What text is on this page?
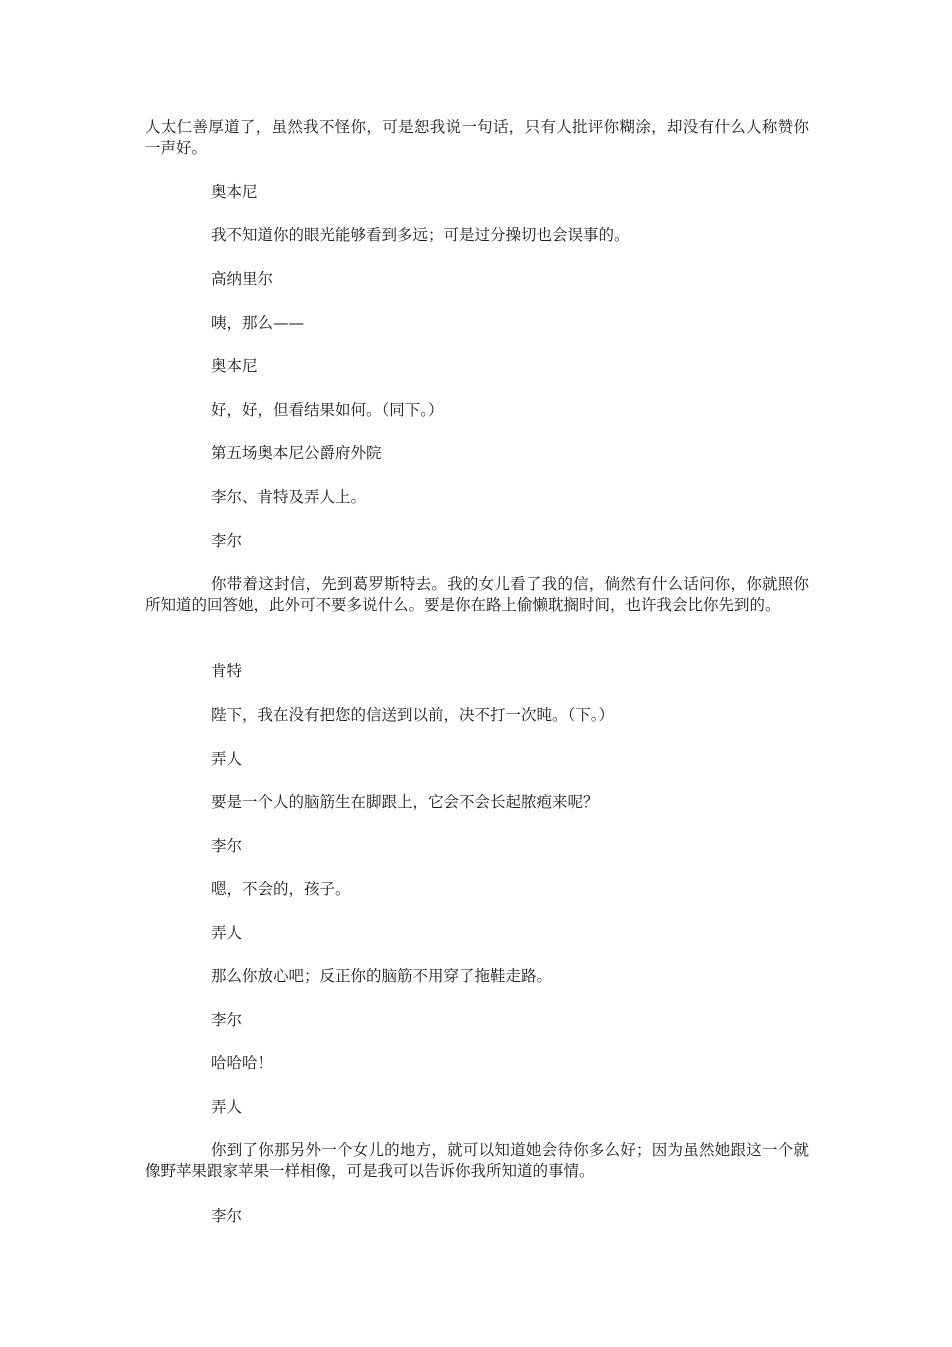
人太仁善厚道了，虽然我不怪你，可是恕我说一句话，只有人批评你糊涂，却没有什么人称赞你一声好。

奥本尼

我不知道你的眼光能够看到多远；可是过分操切也会误事的。

高纳里尔

咦，那么——

奥本尼

好，好，但看结果如何。（同下。）

第五场奥本尼公爵府外院

李尔、肯特及弄人上。

李尔

你带着这封信，先到葛罗斯特去。我的女儿看了我的信，倘然有什么话问你，你就照你所知道的回答她，此外可不要多说什么。要是你在路上偷懒耽搁时间，也许我会比你先到的。

肯特

陛下，我在没有把您的信送到以前，决不打一次盹。（下。）

弄人

要是一个人的脑筋生在脚跟上，它会不会长起脓疱来呢？

李尔

嗯，不会的，孩子。

弄人

那么你放心吧；反正你的脑筋不用穿了拖鞋走路。

李尔

哈哈哈！

弄人

你到了你那另外一个女儿的地方，就可以知道她会待你多么好；因为虽然她跟这一个就像野苹果跟家苹果一样相像，可是我可以告诉你我所知道的事情。

李尔
